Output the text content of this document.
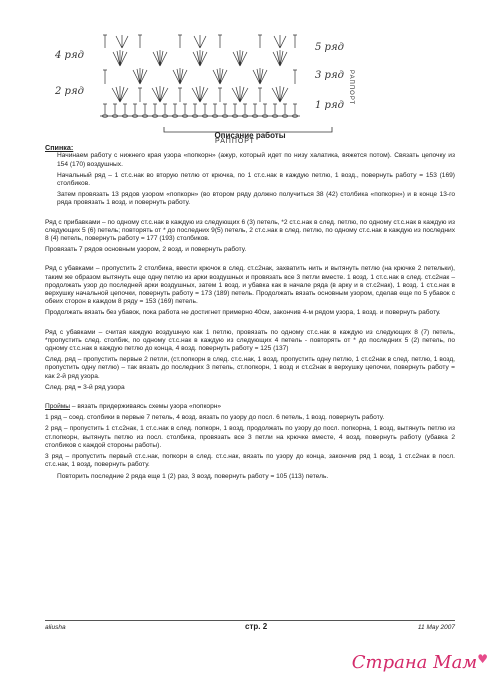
4 ряд
2 ряд
5 ряд
3 ряд
1 ряд
РАППОРТ
РАППОРТ
Описание работы
Спинка:
Начинаем работу с нижнего края узора «попкорн» (ажур, который идет по низу халатика, вяжется потом). Связать цепочку из 154 (170) воздушных.
Начальный ряд – 1 ст.с.нак во вторую петлю от крючка, по 1 ст.с.нак в каждую петлю, 1 возд., повернуть работу = 153 (169) столбиков.
Затем провязать 13 рядов узором «попкорн» (во втором ряду должно получиться 38 (42) столбика «попкорн») и в конце 13-го ряда провязать 1 возд. и повернуть работу.
Ряд с прибавками – по одному ст.с.нак в каждую из следующих 6 (3) петель, *2 ст.с.нак в след. петлю, по одному ст.с.нак в каждую из следующих 5 (6) петель; повторять от * до последних 9(5) петель, 2 ст.с.нак в след. петлю, по одному ст.с.нак в каждую из последних 8 (4) петель, повернуть работу = 177 (193) столбиков.
Провязать 7 рядов основным узором, 2 возд. и повернуть работу.
Ряд с убавками – пропустить 2 столбика, ввести крючок в след. ст.с2нак, захватить нить и вытянуть петлю (на крючке 2 петельки), таким же образом вытянуть еще одну петлю из арки воздушных и провязать все 3 петли вместе. 1 возд. 1 ст.с.нак в след. ст.с2нак – продолжать узор до последней арки воздушных, затем 1 возд. и убавка как в начале ряда (в арку и в ст.с2нак), 1 возд. 1 ст.с.нак в верхушку начальной цепочки, повернуть работу = 173 (189) петель. Продолжать вязать основным узором, сделав еще по 5 убавок с обеих сторон в каждом 8 ряду = 153 (169) петель.
Продолжать вязать без убавок, пока работа не достигнет примерно 40см, закончив 4-м рядом узора, 1 возд. и повернуть работу.
Ряд с убавками – считая каждую воздушную как 1 петлю, провязать по одному ст.с.нак в каждую из следующих 8 (7) петель, *пропустить след. столбик, по одному ст.с.нак в каждую из следующих 4 петель - повторять от * до последних 5 (2) петель, по одному ст.с.нак в каждую петлю до конца, 4 возд. повернуть работу = 125 (137)
След. ряд – пропустить первые 2 петли, (ст.попкорн в след. ст.с.нак, 1 возд, пропустить одну петлю, 1 ст.с2нак в след. петлю, 1 возд, пропустить одну петлю) – так вязать до последних 3 петель, ст.попкорн, 1 возд и ст.с2нак в верхушку цепочки, повернуть работу = как 2-й ряд узора.
След. ряд = 3-й ряд узора
Проймы – вязать придерживаясь схемы узора «попкорн»
1 ряд – соед. столбики в первые 7 петель, 4 возд. вязать по узору до посл. 6 петель, 1 возд. повернуть работу.
2 ряд – пропустить 1 ст.с2нак, 1 ст.с.нак в след. попкорн, 1 возд, продолжать по узору до посл. попкорна, 1 возд, вытянуть петлю из ст.попкорн, вытянуть петлю из посл. столбика, провязать все 3 петли на крючке вместе, 4 возд, повернуть работу (убавка 2 столбиков с каждой стороны работы).
3 ряд – пропустить первый ст.с.нак, попкорн в след. ст.с.нак, вязать по узору до конца, закончив ряд 1 возд, 1 ст.с2нак в посл. ст.с.нак, 1 возд, повернуть работу.
Повторить последние 2 ряда еще 1 (2) раз, 3 возд, повернуть работу = 105 (113) петель.
aliusha	стр. 2	11 May 2007
Страна Мам♥
